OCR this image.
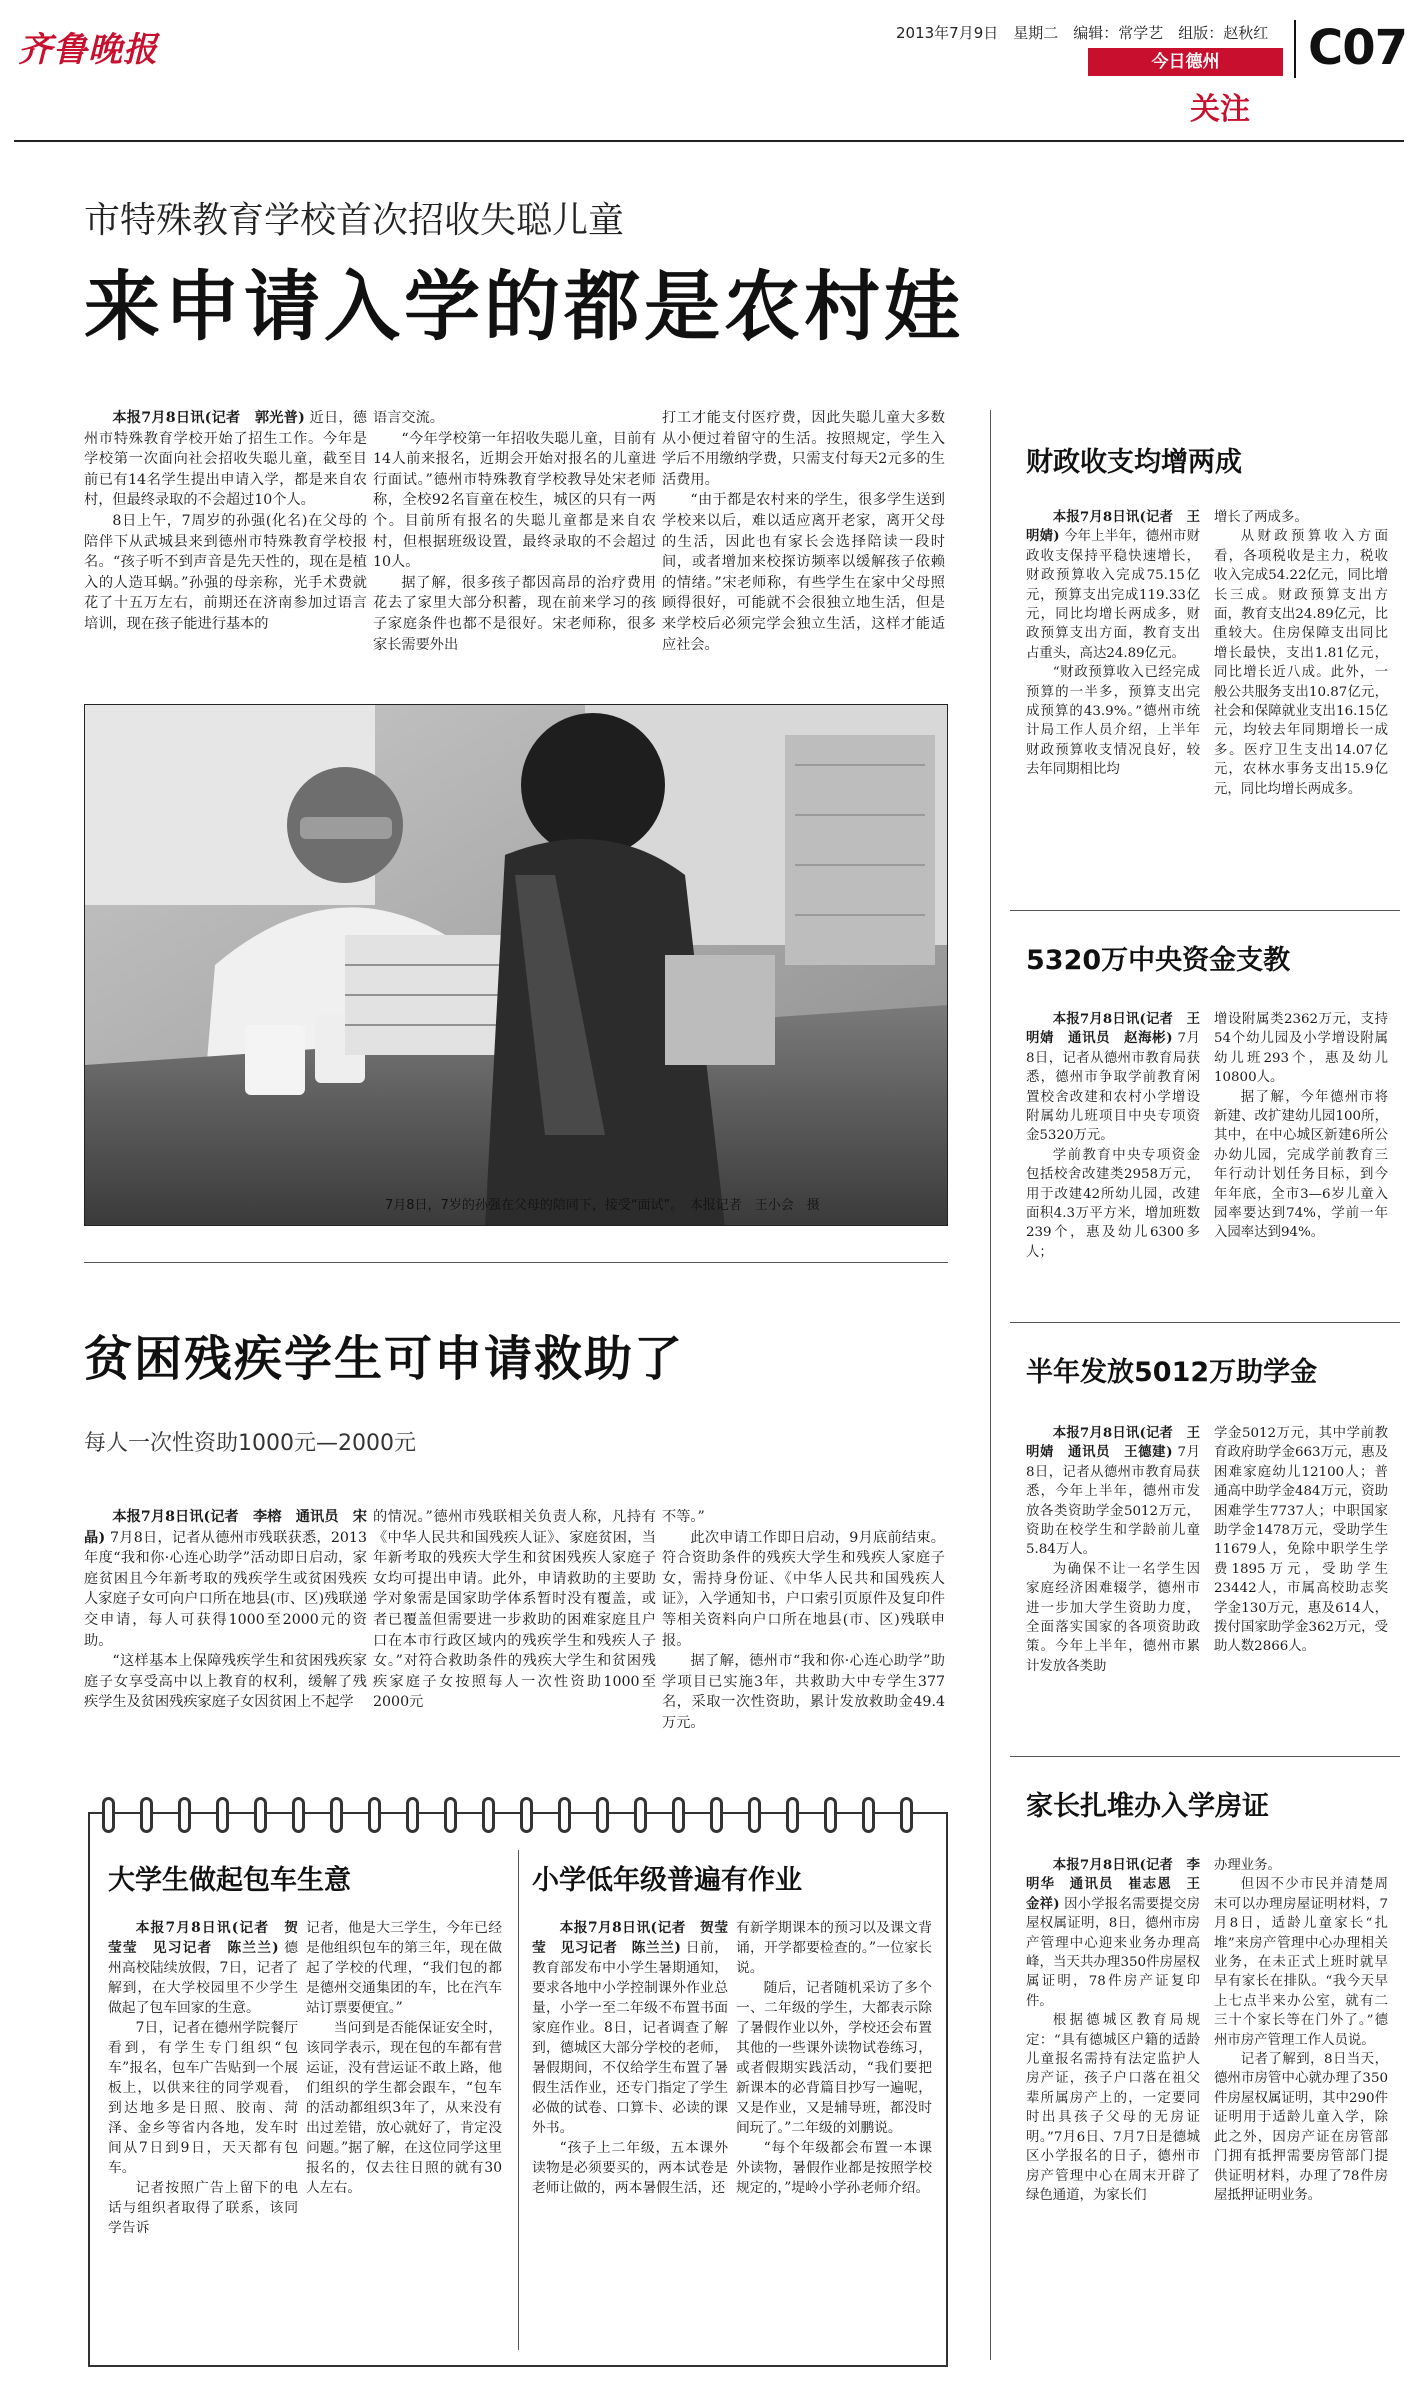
齐鲁晚报	2013年7月9日　星期二　编辑：常学艺　组版：赵秋红
今日德州
关注
C07
市特殊教育学校首次招收失聪儿童
来申请入学的都是农村娃

本报7月8日讯(记者　郭光普) 近日，德州市特殊教育学校开始了招生工作。今年是学校第一次面向社会招收失聪儿童，截至目前已有14名学生提出申请入学，都是来自农村，但最终录取的不会超过10个人。

8日上午，7周岁的孙强(化名)在父母的陪伴下从武城县来到德州市特殊教育学校报名。“孩子听不到声音是先天性的，现在是植入的人造耳蜗。”孙强的母亲称，光手术费就花了十五万左右，前期还在济南参加过语言培训，现在孩子能进行基本的

语言交流。

“今年学校第一年招收失聪儿童，目前有14人前来报名，近期会开始对报名的儿童进行面试。”德州市特殊教育学校教导处宋老师称，全校92名盲童在校生，城区的只有一两个。目前所有报名的失聪儿童都是来自农村，但根据班级设置，最终录取的不会超过10人。

据了解，很多孩子都因高昂的治疗费用花去了家里大部分积蓄，现在前来学习的孩子家庭条件也都不是很好。宋老师称，很多家长需要外出

打工才能支付医疗费，因此失聪儿童大多数从小便过着留守的生活。按照规定，学生入学后不用缴纳学费，只需支付每天2元多的生活费用。

“由于都是农村来的学生，很多学生送到学校来以后，难以适应离开老家，离开父母的生活，因此也有家长会选择陪读一段时间，或者增加来校探访频率以缓解孩子依赖的情绪。”宋老师称，有些学生在家中父母照顾得很好，可能就不会很独立地生活，但是来学校后必须完学会独立生活，这样才能适应社会。

7月8日，7岁的孙强在父母的陪同下，接受“面试”。　本报记者　王小会　摄
贫困残疾学生可申请救助了
每人一次性资助1000元—2000元

本报7月8日讯(记者　李榕　通讯员　宋晶) 7月8日，记者从德州市残联获悉，2013年度“我和你·心连心助学”活动即日启动，家庭贫困且今年新考取的残疾学生或贫困残疾人家庭子女可向户口所在地县(市、区)残联递交申请，每人可获得1000至2000元的资助。

“这样基本上保障残疾学生和贫困残疾家庭子女享受高中以上教育的权利，缓解了残疾学生及贫困残疾家庭子女因贫困上不起学

的情况。”德州市残联相关负责人称，凡持有《中华人民共和国残疾人证》、家庭贫困，当年新考取的残疾大学生和贫困残疾人家庭子女均可提出申请。此外，申请救助的主要助学对象需是国家助学体系暂时没有覆盖，或者已覆盖但需要进一步救助的困难家庭且户口在本市行政区域内的残疾学生和残疾人子女。”对符合救助条件的残疾大学生和贫困残疾家庭子女按照每人一次性资助1000至2000元

不等。”

此次申请工作即日启动，9月底前结束。符合资助条件的残疾大学生和残疾人家庭子女，需持身份证、《中华人民共和国残疾人证》，入学通知书，户口索引页原件及复印件等相关资料向户口所在地县(市、区)残联申报。

据了解，德州市“我和你·心连心助学”助学项目已实施3年，共救助大中专学生377名，采取一次性资助，累计发放救助金49.4万元。

大学生做起包车生意

本报7月8日讯(记者　贺莹莹　见习记者　陈兰兰) 德州高校陆续放假，7日，记者了解到，在大学校园里不少学生做起了包车回家的生意。

7日，记者在德州学院餐厅看到，有学生专门组织“包车”报名，包车广告贴到一个展板上，以供来往的同学观看，到达地多是日照、胶南、菏泽、金乡等省内各地，发车时间从7日到9日，天天都有包车。

记者按照广告上留下的电话与组织者取得了联系，该同学告诉

记者，他是大三学生，今年已经是他组织包车的第三年，现在做起了学校的代理，“我们包的都是德州交通集团的车，比在汽车站订票要便宜。”

当问到是否能保证安全时，该同学表示，现在包的车都有营运证，没有营运证不敢上路，他们组织的学生都会跟车，“包车的活动都组织3年了，从来没有出过差错，放心就好了，肯定没问题。”据了解，在这位同学这里报名的，仅去往日照的就有30人左右。

小学低年级普遍有作业

本报7月8日讯(记者　贺莹莹　见习记者　陈兰兰) 日前，教育部发布中小学生暑期通知，要求各地中小学控制课外作业总量，小学一至二年级不布置书面家庭作业。8日，记者调查了解到，德城区大部分学校的老师，暑假期间，不仅给学生布置了暑假生活作业，还专门指定了学生必做的试卷、口算卡、必读的课外书。

“孩子上二年级，五本课外读物是必须要买的，两本试卷是老师让做的，两本暑假生活，还

有新学期课本的预习以及课文背诵，开学都要检查的。”一位家长说。

随后，记者随机采访了多个一、二年级的学生，大都表示除了暑假作业以外，学校还会布置其他的一些课外读物试卷练习，或者假期实践活动，“我们要把新课本的必背篇目抄写一遍呢，又是作业，又是辅导班，都没时间玩了。”二年级的刘鹏说。

“每个年级都会布置一本课外读物，暑假作业都是按照学校规定的，”堤岭小学孙老师介绍。

财政收支均增两成

本报7月8日讯(记者　王明婧) 今年上半年，德州市财政收支保持平稳快速增长，财政预算收入完成75.15亿元，预算支出完成119.33亿元，同比均增长两成多，财政预算支出方面，教育支出占重头，高达24.89亿元。

“财政预算收入已经完成预算的一半多，预算支出完成预算的43.9%。”德州市统计局工作人员介绍，上半年财政预算收支情况良好，较去年同期相比均

增长了两成多。

从财政预算收入方面看，各项税收是主力，税收收入完成54.22亿元，同比增长三成。财政预算支出方面，教育支出24.89亿元，比重较大。住房保障支出同比增长最快，支出1.81亿元，同比增长近八成。此外，一般公共服务支出10.87亿元，社会和保障就业支出16.15亿元，均较去年同期增长一成多。医疗卫生支出14.07亿元，农林水事务支出15.9亿元，同比均增长两成多。

5320万中央资金支教

本报7月8日讯(记者　王明婧　通讯员　赵海彬) 7月8日，记者从德州市教育局获悉，德州市争取学前教育闲置校舍改建和农村小学增设附属幼儿班项目中央专项资金5320万元。

学前教育中央专项资金包括校舍改建类2958万元，用于改建42所幼儿园，改建面积4.3万平方米，增加班数239个，惠及幼儿6300多人；

增设附属类2362万元，支持54个幼儿园及小学增设附属幼儿班293个，惠及幼儿10800人。

据了解，今年德州市将新建、改扩建幼儿园100所，其中，在中心城区新建6所公办幼儿园，完成学前教育三年行动计划任务目标，到今年年底，全市3—6岁儿童入园率要达到74%，学前一年入园率达到94%。

半年发放5012万助学金

本报7月8日讯(记者　王明婧　通讯员　王德建) 7月8日，记者从德州市教育局获悉，今年上半年，德州市发放各类资助学金5012万元，资助在校学生和学龄前儿童5.84万人。

为确保不让一名学生因家庭经济困难辍学，德州市进一步加大学生资助力度，全面落实国家的各项资助政策。今年上半年，德州市累计发放各类助

学金5012万元，其中学前教育政府助学金663万元，惠及困难家庭幼儿12100人；普通高中助学金484万元，资助困难学生7737人；中职国家助学金1478万元，受助学生11679人，免除中职学生学费1895万元，受助学生23442人，市属高校助志奖学金130万元，惠及614人，拨付国家助学金362万元，受助人数2866人。

家长扎堆办入学房证

本报7月8日讯(记者　李明华　通讯员　崔志恩　王金祥) 因小学报名需要提交房屋权属证明，8日，德州市房产管理中心迎来业务办理高峰，当天共办理350件房屋权属证明，78件房产证复印件。

根据德城区教育局规定：“具有德城区户籍的适龄儿童报名需持有法定监护人房产证，孩子户口落在祖父辈所属房产上的，一定要同时出具孩子父母的无房证明。”7月6日、7月7日是德城区小学报名的日子，德州市房产管理中心在周末开辟了绿色通道，为家长们

办理业务。

但因不少市民并清楚周末可以办理房屋证明材料，7月8日，适龄儿童家长“扎堆”来房产管理中心办理相关业务，在未正式上班时就早早有家长在排队。“我今天早上七点半来办公室，就有二三十个家长等在门外了。”德州市房产管理工作人员说。

记者了解到，8日当天，德州市房管中心就办理了350件房屋权属证明，其中290件证明用于适龄儿童入学，除此之外，因房产证在房管部门拥有抵押需要房管部门提供证明材料，办理了78件房屋抵押证明业务。
